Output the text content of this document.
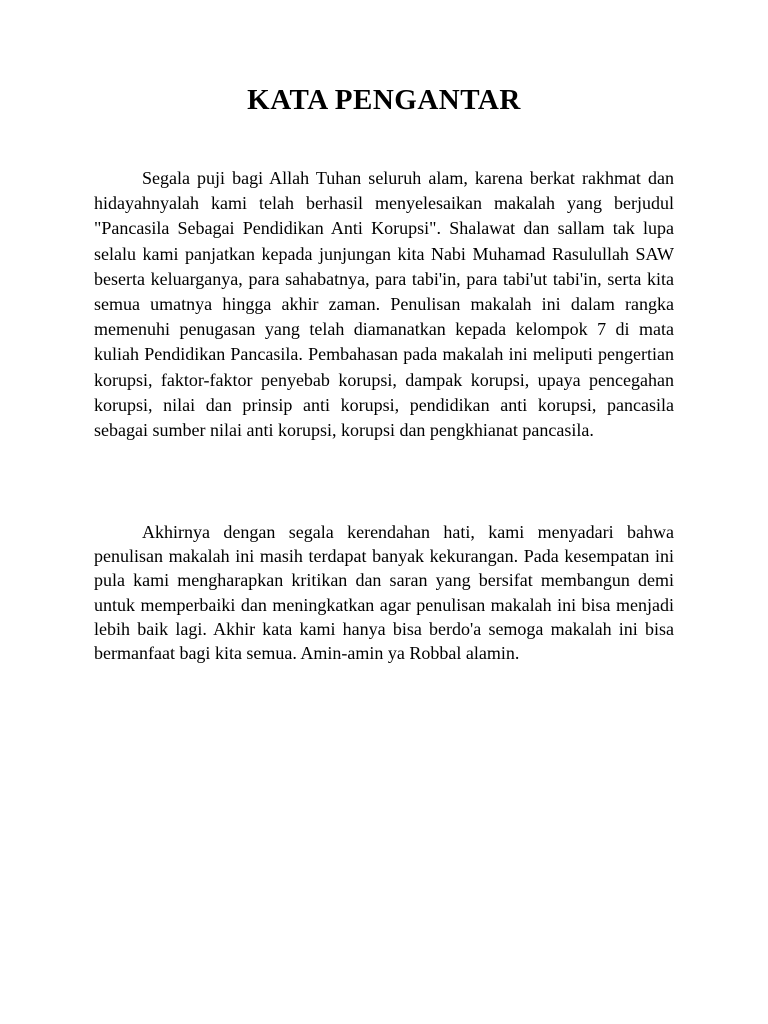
KATA PENGANTAR

Segala puji bagi Allah Tuhan seluruh alam, karena berkat rakhmat dan hidayahnyalah kami telah berhasil menyelesaikan makalah yang berjudul "Pancasila Sebagai Pendidikan Anti Korupsi". Shalawat dan sallam tak lupa selalu kami panjatkan kepada junjungan kita Nabi Muhamad Rasulullah SAW beserta keluarganya, para sahabatnya, para tabi'in, para tabi'ut tabi'in, serta kita semua umatnya hingga akhir zaman. Penulisan makalah ini dalam rangka memenuhi penugasan yang telah diamanatkan kepada kelompok 7 di mata kuliah Pendidikan Pancasila. Pembahasan pada makalah ini meliputi pengertian korupsi, faktor-faktor penyebab korupsi, dampak korupsi, upaya pencegahan korupsi, nilai dan prinsip anti korupsi, pendidikan anti korupsi, pancasila sebagai sumber nilai anti korupsi, korupsi dan pengkhianat pancasila.

Akhirnya dengan segala kerendahan hati, kami menyadari bahwa penulisan makalah ini masih terdapat banyak kekurangan. Pada kesempatan ini pula kami mengharapkan kritikan dan saran yang bersifat membangun demi untuk memperbaiki dan meningkatkan agar penulisan makalah ini bisa menjadi lebih baik lagi. Akhir kata kami hanya bisa berdo'a semoga makalah ini bisa bermanfaat bagi kita semua. Amin-amin ya Robbal alamin.
